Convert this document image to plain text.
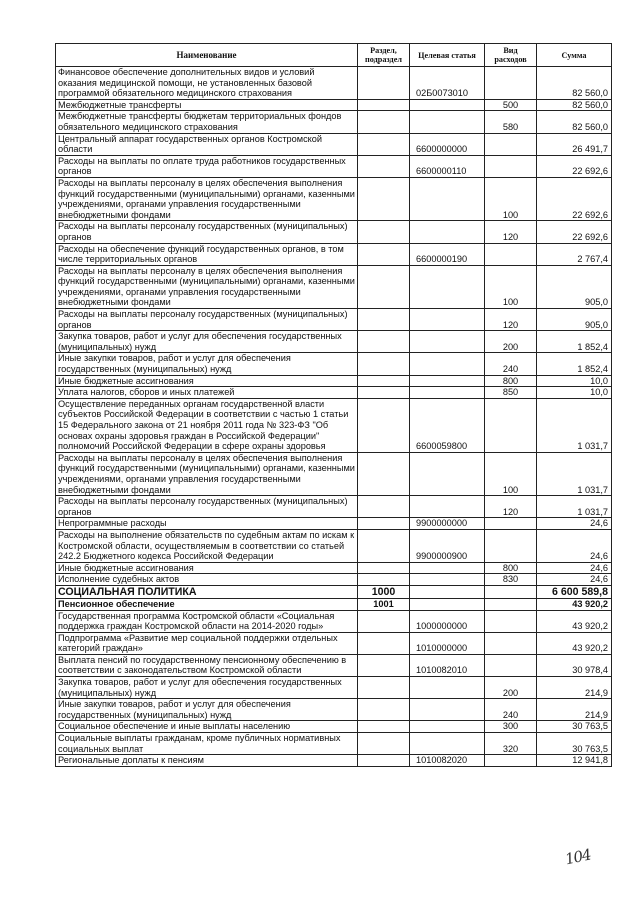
Наименование	Раздел, подраздел	Целевая статья	Вид расходов	Сумма
Финансовое обеспечение дополнительных видов и условий оказания медицинской помощи, не установленных базовой программой обязательного медицинского страхования		02Б0073010		82 560,0
Межбюджетные трансферты			500	82 560,0
Межбюджетные трансферты бюджетам территориальных фондов обязательного медицинского страхования			580	82 560,0
Центральный аппарат государственных органов Костромской области		6600000000		26 491,7
Расходы на выплаты по оплате труда работников государственных органов		6600000110		22 692,6
Расходы на выплаты персоналу в целях обеспечения выполнения функций государственными (муниципальными) органами, казенными учреждениями, органами управления государственными внебюджетными фондами			100	22 692,6
Расходы на выплаты персоналу государственных (муниципальных) органов			120	22 692,6
Расходы на обеспечение функций государственных органов, в том числе территориальных органов		6600000190		2 767,4
Расходы на выплаты персоналу в целях обеспечения выполнения функций государственными (муниципальными) органами, казенными учреждениями, органами управления государственными внебюджетными фондами			100	905,0
Расходы на выплаты персоналу государственных (муниципальных) органов			120	905,0
Закупка товаров, работ и услуг для обеспечения государственных (муниципальных) нужд			200	1 852,4
Иные закупки товаров, работ и услуг для обеспечения государственных (муниципальных) нужд			240	1 852,4
Иные бюджетные ассигнования			800	10,0
Уплата налогов, сборов и иных платежей			850	10,0
Осуществление переданных органам государственной власти субъектов Российской Федерации в соответствии с частью 1 статьи 15 Федерального закона от 21 ноября 2011 года № 323-ФЗ "Об основах охраны здоровья граждан в Российской Федерации" полномочий Российской Федерации в сфере охраны здоровья		6600059800		1 031,7
Расходы на выплаты персоналу в целях обеспечения выполнения функций государственными (муниципальными) органами, казенными учреждениями, органами управления государственными внебюджетными фондами			100	1 031,7
Расходы на выплаты персоналу государственных (муниципальных) органов			120	1 031,7
Непрограммные расходы		9900000000		24,6
Расходы на выполнение обязательств по судебным актам по искам к Костромской области, осуществляемым в соответствии со статьей 242.2 Бюджетного кодекса Российской Федерации		9900000900		24,6
Иные бюджетные ассигнования			800	24,6
Исполнение судебных актов			830	24,6
СОЦИАЛЬНАЯ ПОЛИТИКА	1000			6 600 589,8
Пенсионное обеспечение	1001			43 920,2
Государственная программа Костромской области «Социальная поддержка граждан Костромской области на 2014-2020 годы»		1000000000		43 920,2
Подпрограмма «Развитие мер социальной поддержки отдельных категорий граждан»		1010000000		43 920,2
Выплата пенсий по государственному пенсионному обеспечению в соответствии с законодательством Костромской области		1010082010		30 978,4
Закупка товаров, работ и услуг для обеспечения государственных (муниципальных) нужд			200	214,9
Иные закупки товаров, работ и услуг для обеспечения государственных (муниципальных) нужд			240	214,9
Социальное обеспечение и иные выплаты населению			300	30 763,5
Социальные выплаты гражданам, кроме публичных нормативных социальных выплат			320	30 763,5
Региональные доплаты к пенсиям		1010082020		12 941,8
104
